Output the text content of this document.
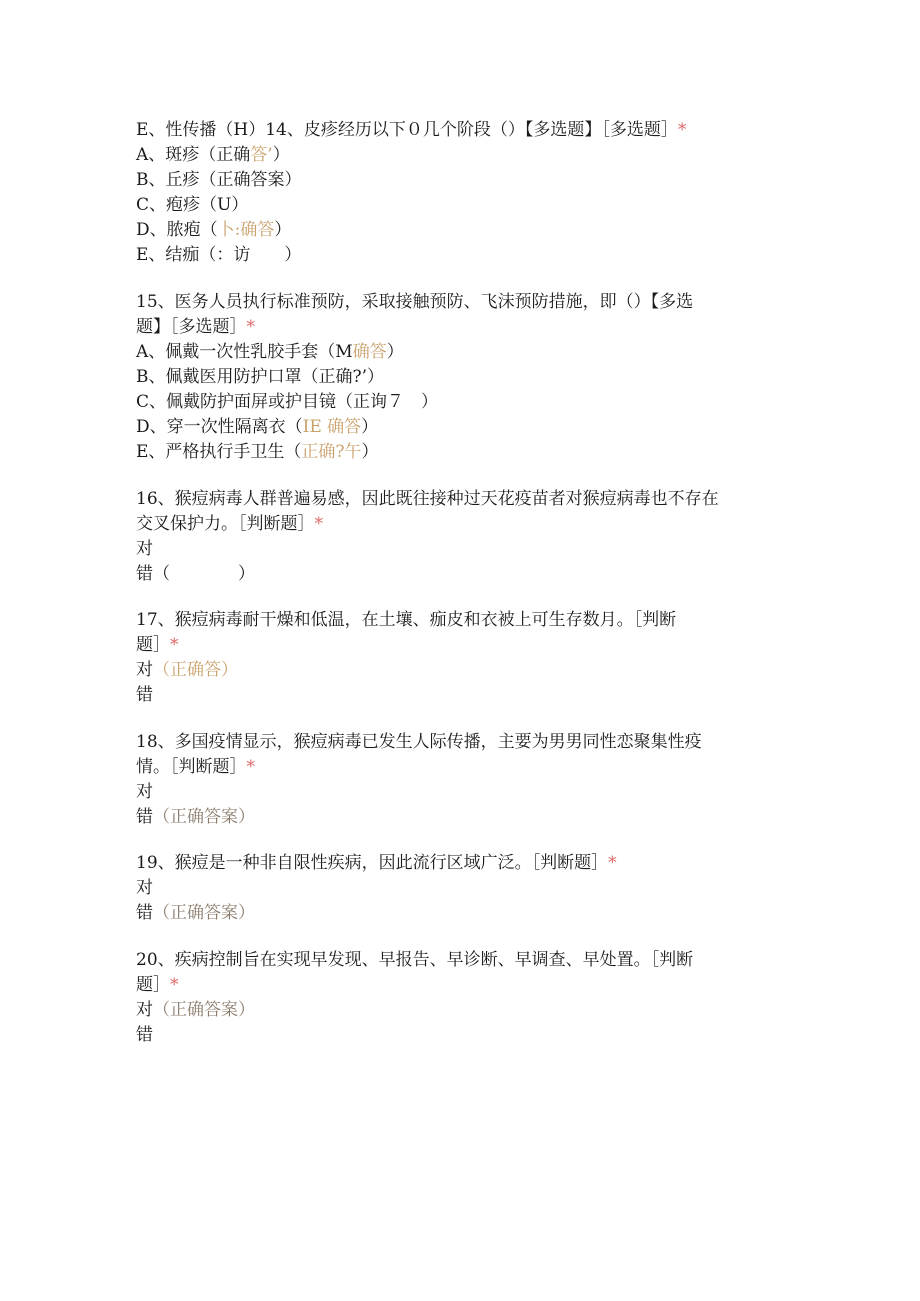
E、性传播（H）14、皮疹经历以下０几个阶段（）【多选题】［多选题］*
A、斑疹（正确答’）
B、丘疹（正确答案）
C、疱疹（U）
D、脓疱（卜:确答）
E、结痂（：访　　）
15、医务人员执行标准预防，采取接触预防、飞沫预防措施，即（）【多选
题】［多选题］*
A、佩戴一次性乳胶手套（M确答）
B、佩戴医用防护口罩（正确?’）
C、佩戴防护面屏或护目镜（正询７　）
D、穿一次性隔离衣（IE 确答）
E、严格执行手卫生（正确?午）
16、猴痘病毒人群普遍易感，因此既往接种过天花疫苗者对猴痘病毒也不存在
交叉保护力。［判断题］*
对
错（　　　　）
17、猴痘病毒耐干燥和低温，在土壤、痂皮和衣被上可生存数月。［判断
题］*
对（正确答）
错
18、多国疫情显示，猴痘病毒已发生人际传播，主要为男男同性恋聚集性疫
情。［判断题］*
对
错（正确答案）
19、猴痘是一种非自限性疾病，因此流行区域广泛。［判断题］*
对
错（正确答案）
20、疾病控制旨在实现早发现、早报告、早诊断、早调查、早处置。［判断
题］*
对（正确答案）
错
